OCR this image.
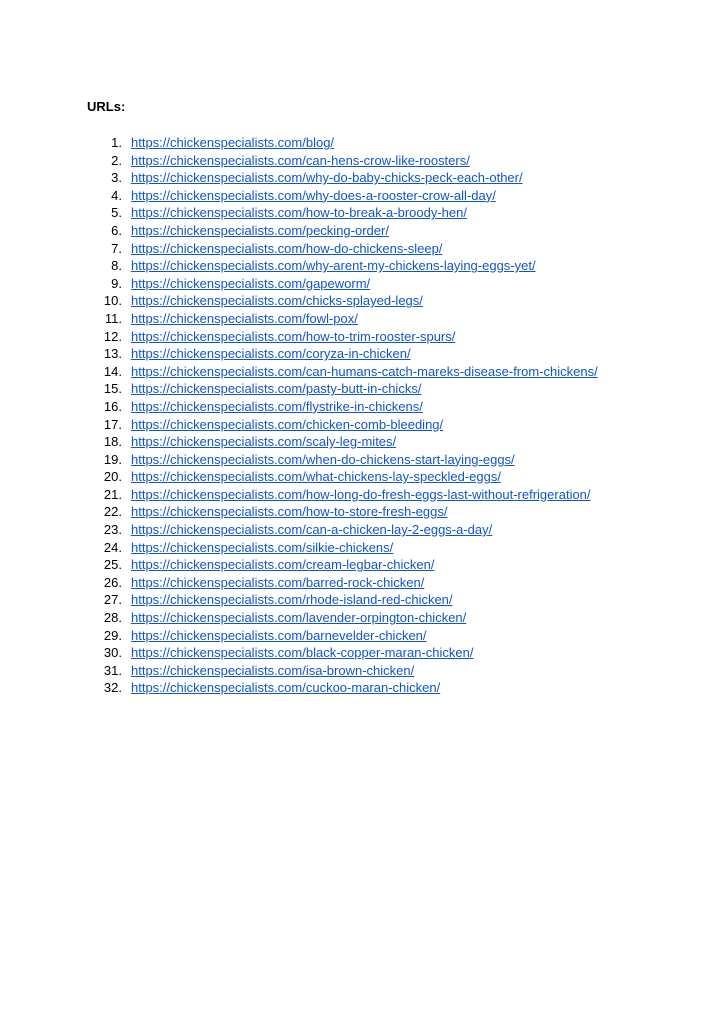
URLs:

1. https://chickenspecialists.com/blog/
2. https://chickenspecialists.com/can-hens-crow-like-roosters/
3. https://chickenspecialists.com/why-do-baby-chicks-peck-each-other/
4. https://chickenspecialists.com/why-does-a-rooster-crow-all-day/
5. https://chickenspecialists.com/how-to-break-a-broody-hen/
6. https://chickenspecialists.com/pecking-order/
7. https://chickenspecialists.com/how-do-chickens-sleep/
8. https://chickenspecialists.com/why-arent-my-chickens-laying-eggs-yet/
9. https://chickenspecialists.com/gapeworm/
10. https://chickenspecialists.com/chicks-splayed-legs/
11. https://chickenspecialists.com/fowl-pox/
12. https://chickenspecialists.com/how-to-trim-rooster-spurs/
13. https://chickenspecialists.com/coryza-in-chicken/
14. https://chickenspecialists.com/can-humans-catch-mareks-disease-from-chickens/
15. https://chickenspecialists.com/pasty-butt-in-chicks/
16. https://chickenspecialists.com/flystrike-in-chickens/
17. https://chickenspecialists.com/chicken-comb-bleeding/
18. https://chickenspecialists.com/scaly-leg-mites/
19. https://chickenspecialists.com/when-do-chickens-start-laying-eggs/
20. https://chickenspecialists.com/what-chickens-lay-speckled-eggs/
21. https://chickenspecialists.com/how-long-do-fresh-eggs-last-without-refrigeration/
22. https://chickenspecialists.com/how-to-store-fresh-eggs/
23. https://chickenspecialists.com/can-a-chicken-lay-2-eggs-a-day/
24. https://chickenspecialists.com/silkie-chickens/
25. https://chickenspecialists.com/cream-legbar-chicken/
26. https://chickenspecialists.com/barred-rock-chicken/
27. https://chickenspecialists.com/rhode-island-red-chicken/
28. https://chickenspecialists.com/lavender-orpington-chicken/
29. https://chickenspecialists.com/barnevelder-chicken/
30. https://chickenspecialists.com/black-copper-maran-chicken/
31. https://chickenspecialists.com/isa-brown-chicken/
32. https://chickenspecialists.com/cuckoo-maran-chicken/
